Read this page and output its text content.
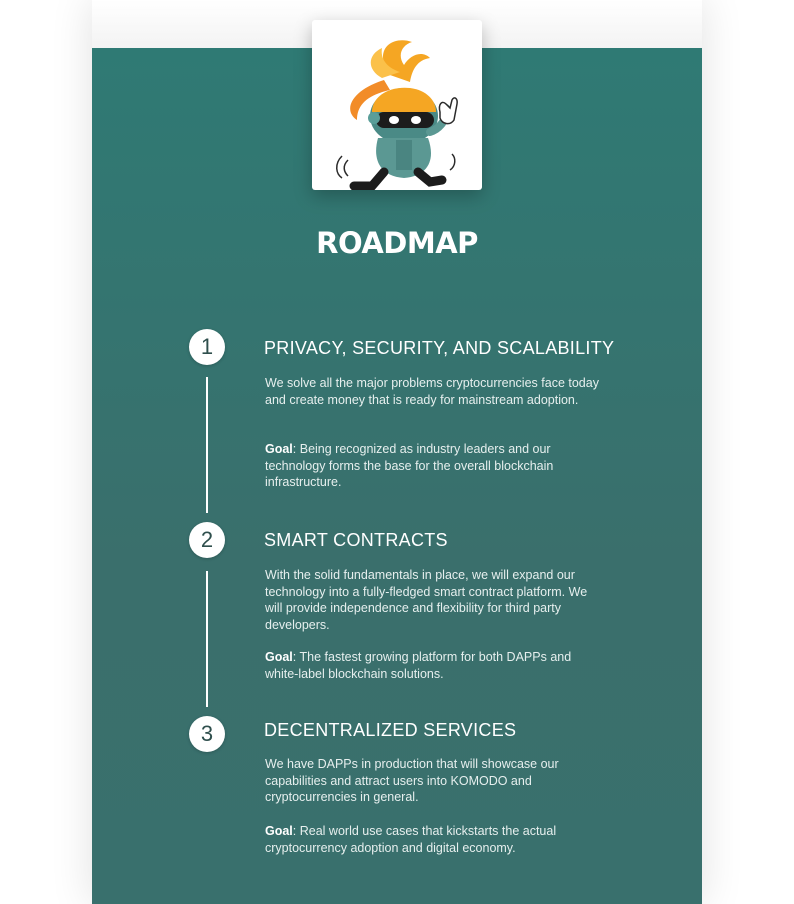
ROADMAP
1	PRIVACY, SECURITY, AND SCALABILITY
We solve all the major problems cryptocurrencies face today and create money that is ready for mainstream adoption.
Goal: Being recognized as industry leaders and our technology forms the base for the overall blockchain infrastructure.
2	SMART CONTRACTS
With the solid fundamentals in place, we will expand our technology into a fully-fledged smart contract platform. We will provide independence and flexibility for third party developers.
Goal: The fastest growing platform for both DAPPs and white-label blockchain solutions.
3	DECENTRALIZED SERVICES
We have DAPPs in production that will showcase our capabilities and attract users into KOMODO and cryptocurrencies in general.
Goal: Real world use cases that kickstarts the actual cryptocurrency adoption and digital economy.
